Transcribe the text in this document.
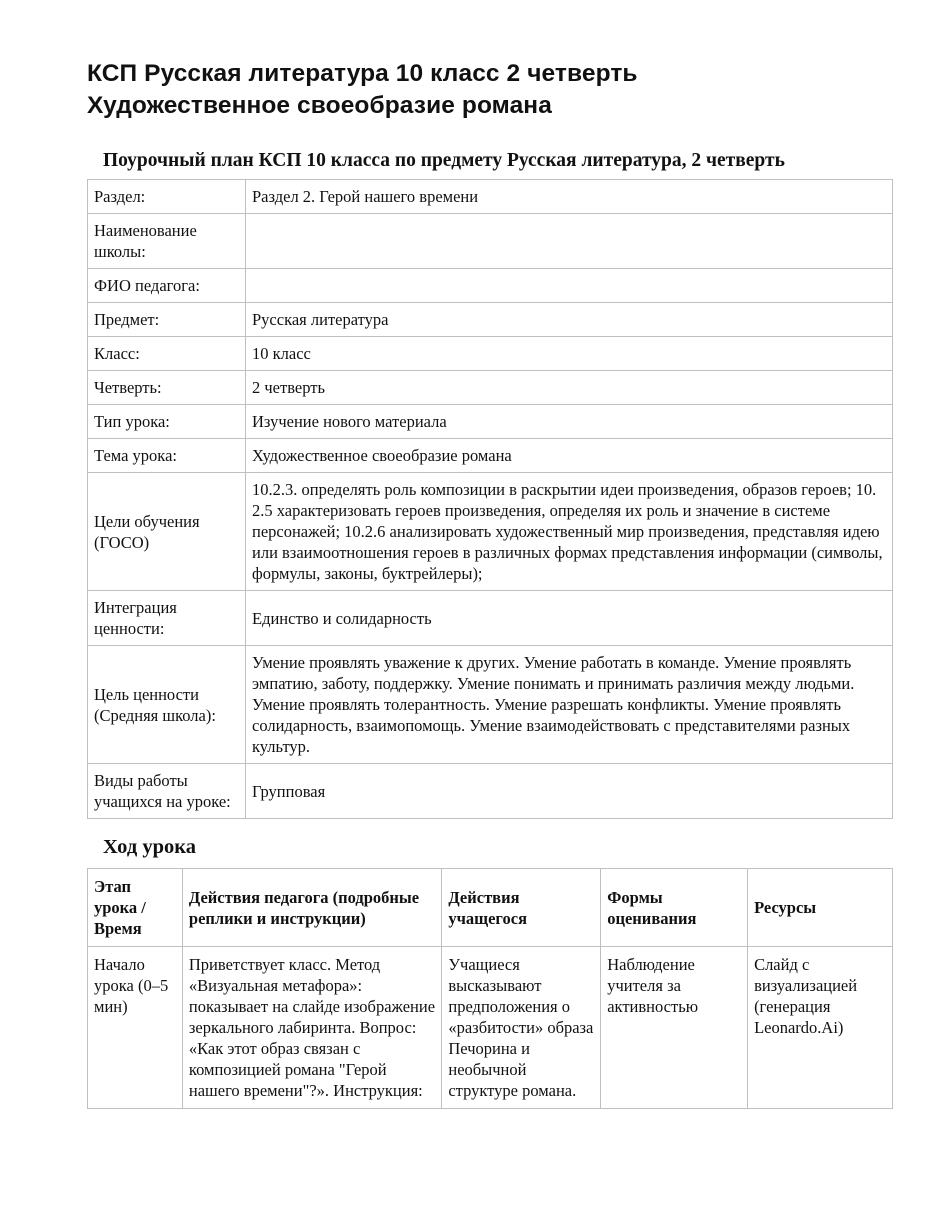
КСП Русская литература 10 класс 2 четверть
Художественное своеобразие романа
Поурочный план КСП 10 класса по предмету Русская литература, 2 четверть
Раздел:	Раздел 2. Герой нашего времени
Наименование школы:	
ФИО педагога:	
Предмет:	Русская литература
Класс:	10 класс
Четверть:	2 четверть
Тип урока:	Изучение нового материала
Тема урока:	Художественное своеобразие романа
Цели обучения (ГОСО)	10.2.3. определять роль композиции в раскрытии идеи произведения, образов героев; 10. 2.5 характеризовать героев произведения, определяя их роль и значение в системе персонажей; 10.2.6 анализировать художественный мир произведения, представляя идею или взаимоотношения героев в различных формах представления информации (символы, формулы, законы, буктрейлеры);
Интеграция ценности:	Единство и солидарность
Цель ценности (Средняя школа):	Умение проявлять уважение к других. Умение работать в команде. Умение проявлять эмпатию, заботу, поддержку. Умение понимать и принимать различия между людьми. Умение проявлять толерантность. Умение разрешать конфликты. Умение проявлять солидарность, взаимопомощь. Умение взаимодействовать с представителями разных культур.
Виды работы учащихся на уроке:	Групповая
Ход урока
Этап урока / Время	Действия педагога (подробные реплики и инструкции)	Действия учащегося	Формы оценивания	Ресурсы
Начало урока (0–5 мин)	Приветствует класс. Метод «Визуальная метафора»: показывает на слайде изображение зеркального лабиринта. Вопрос: «Как этот образ связан с композицией романа "Герой нашего времени"?». Инструкция:	Учащиеся высказывают предположения о «разбитости» образа Печорина и необычной структуре романа.	Наблюдение учителя за активностью	Слайд с визуализацией (генерация Leonardo.Ai)
